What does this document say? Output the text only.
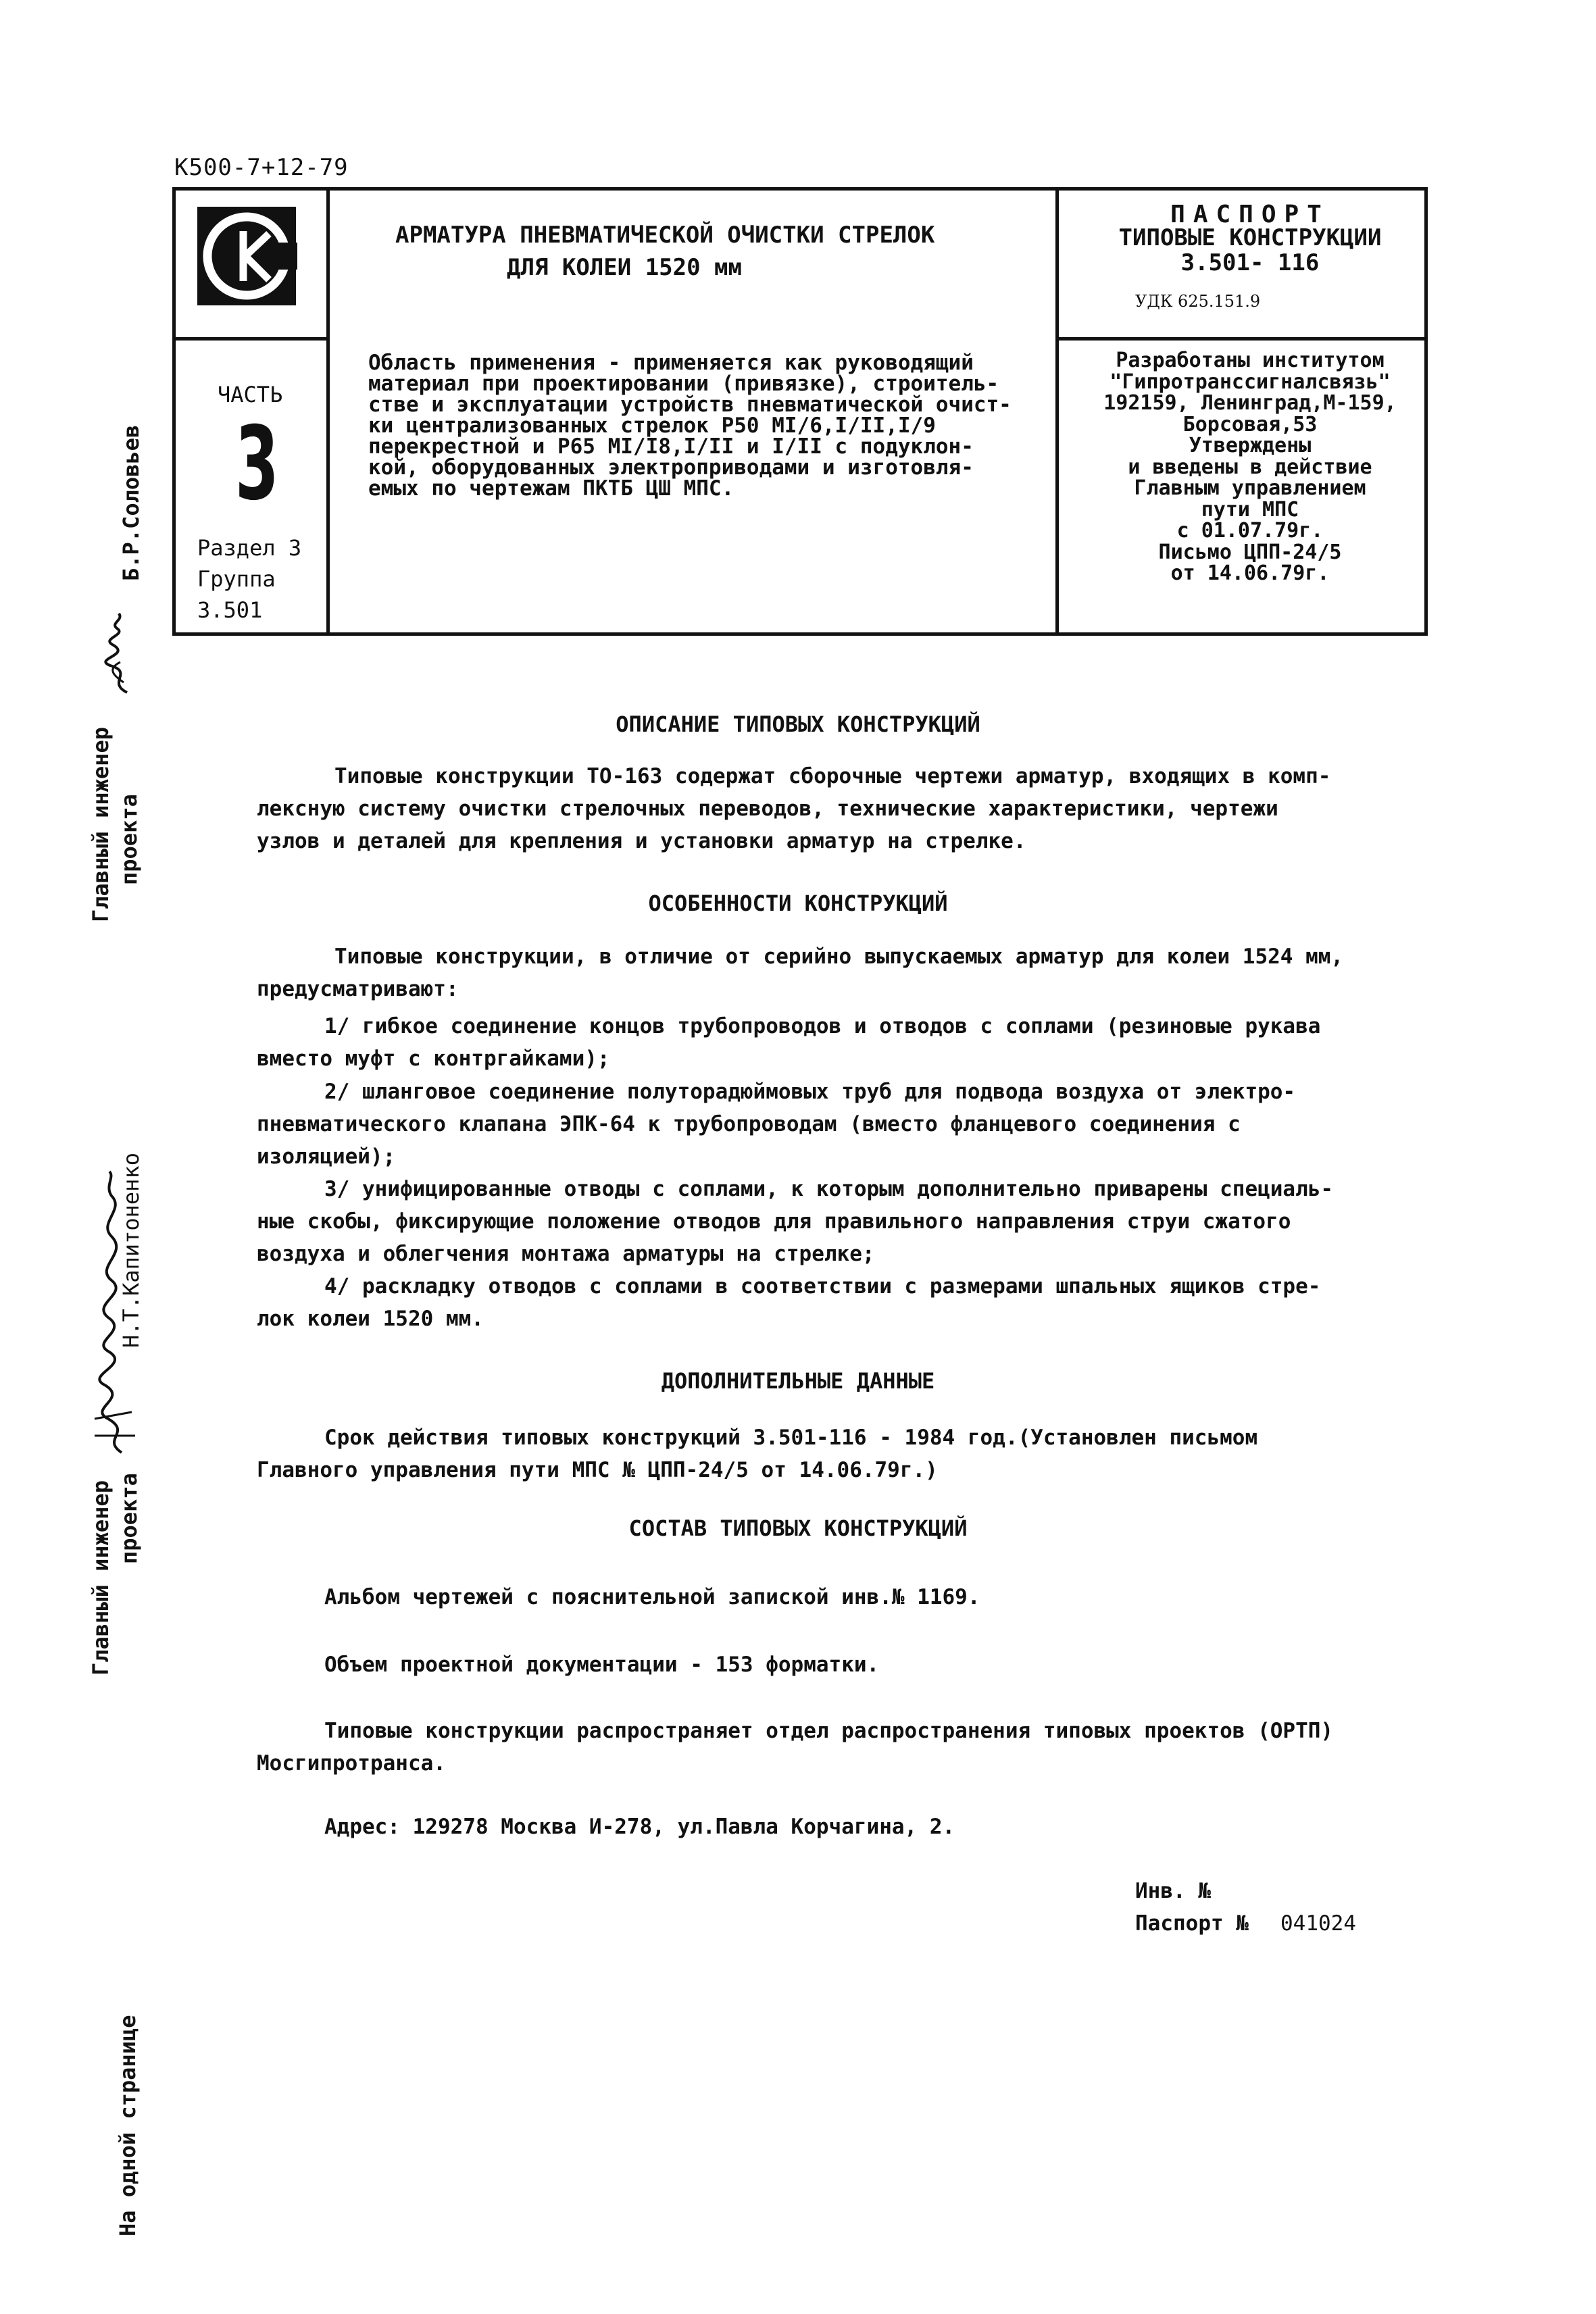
К500-7+12-79
ЧАСТЬ
3
Раздел 3
Группа
3.501
АРМАТУРА ПНЕВМАТИЧЕСКОЙ ОЧИСТКИ СТРЕЛОК
ДЛЯ КОЛЕИ 1520 мм
Область применения - применяется как руководящий
материал при проектировании (привязке), строитель-
стве и эксплуатации устройств пневматической очист-
ки централизованных стрелок Р50 МI/6,I/II,I/9
перекрестной и Р65 МI/I8,I/II и I/II с подуклон-
кой, оборудованных электроприводами и изготовля-
емых по чертежам ПКТБ ЦШ МПС.
ПАСПОРТ
ТИПОВЫЕ КОНСТРУКЦИИ
3.501- 116
УДК 625.151.9
Разработаны институтом
"Гипротранссигналсвязь"
192159, Ленинград,М-159,
Борсовая,53
Утверждены
и введены в действие
Главным управлением
пути МПС
с 01.07.79г.
Письмо ЦПП-24/5
от 14.06.79г.
ОПИСАНИЕ ТИПОВЫХ КОНСТРУКЦИЙ
Типовые конструкции ТО-163 содержат сборочные чертежи арматур, входящих в комп-
лексную систему очистки стрелочных переводов, технические характеристики, чертежи
узлов и деталей для крепления и установки арматур на стрелке.
ОСОБЕННОСТИ КОНСТРУКЦИЙ
Типовые конструкции, в отличие от серийно выпускаемых арматур для колеи 1524 мм,
предусматривают:
1/ гибкое соединение концов трубопроводов и отводов с соплами (резиновые рукава
вместо муфт с контргайками);
2/ шланговое соединение полуторадюймовых труб для подвода воздуха от электро-
пневматического клапана ЭПК-64 к трубопроводам (вместо фланцевого соединения с
изоляцией);
3/ унифицированные отводы с соплами, к которым дополнительно приварены специаль-
ные скобы, фиксирующие положение отводов для правильного направления струи сжатого
воздуха и облегчения монтажа арматуры на стрелке;
4/ раскладку отводов с соплами в соответствии с размерами шпальных ящиков стре-
лок колеи 1520 мм.
ДОПОЛНИТЕЛЬНЫЕ ДАННЫЕ
Срок действия типовых конструкций 3.501-116 - 1984 год.(Установлен письмом
Главного управления пути МПС № ЦПП-24/5 от 14.06.79г.)
СОСТАВ ТИПОВЫХ КОНСТРУКЦИЙ
Альбом чертежей с пояснительной запиской инв.№ 1169.
Объем проектной документации - 153 форматки.
Типовые конструкции распространяет отдел распространения типовых проектов (ОРТП)
Мосгипротранса.
Адрес: 129278 Москва И-278, ул.Павла Корчагина, 2.
Инв. №
Паспорт № 041024
Б.Р.Соловьев
Главный инженер проекта
Н.Т.Капитоненко
Главный инженер проекта
На одной странице
